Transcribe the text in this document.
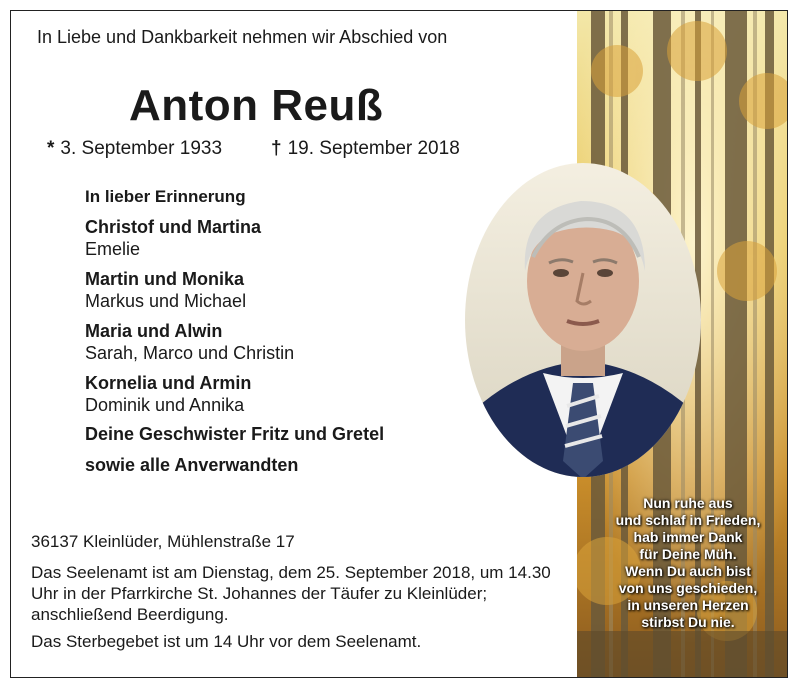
In Liebe und Dankbarkeit nehmen wir Abschied von
Anton Reuß
* 3. September 1933	† 19. September 2018
In lieber Erinnerung
Christof und Martina
Emelie
Martin und Monika
Markus und Michael
Maria und Alwin
Sarah, Marco und Christin
Kornelia und Armin
Dominik und Annika
Deine Geschwister Fritz und Gretel
sowie alle Anverwandten

36137 Kleinlüder, Mühlenstraße 17

Das Seelenamt ist am Dienstag, dem 25. September 2018, um 14.30 Uhr in der Pfarrkirche St. Johannes der Täufer zu Kleinlüder; anschließend Beerdigung.

Das Sterbegebet ist um 14 Uhr vor dem Seelenamt.

Nun ruhe aus
und schlaf in Frieden,
hab immer Dank
für Deine Müh.
Wenn Du auch bist
von uns geschieden,
in unseren Herzen
stirbst Du nie.
